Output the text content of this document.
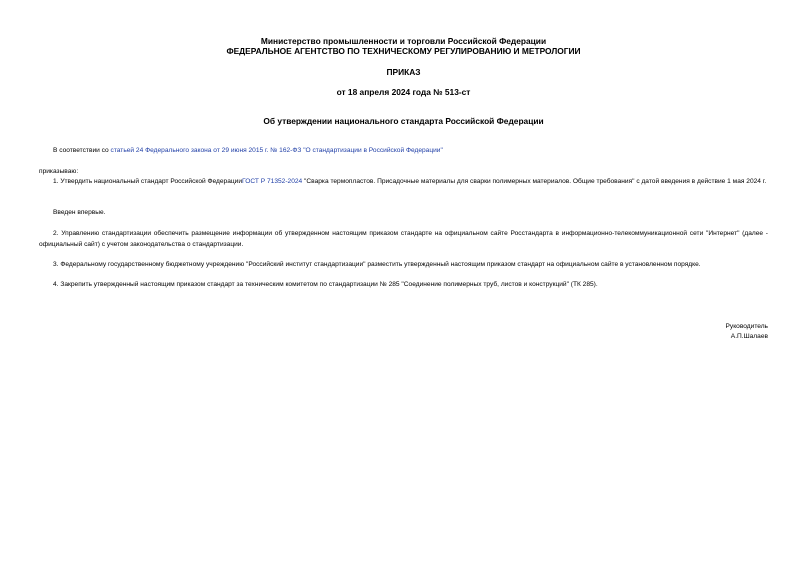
Министерство промышленности и торговли Российской Федерации
ФЕДЕРАЛЬНОЕ АГЕНТСТВО ПО ТЕХНИЧЕСКОМУ РЕГУЛИРОВАНИЮ И МЕТРОЛОГИИ
ПРИКАЗ
от 18 апреля 2024 года № 513-ст
Об утверждении национального стандарта Российской Федерации
В соответствии со статьей 24 Федерального закона от 29 июня 2015 г. № 162-ФЗ "О стандартизации в Российской Федерации"
приказываю:
1. Утвердить национальный стандарт Российской ФедерацииГОСТ Р 71352-2024 "Сварка термопластов. Присадочные материалы для сварки полимерных материалов. Общие требования" с датой введения в действие 1 мая 2024 г.
Введен впервые.
2. Управлению стандартизации обеспечить размещение информации об утвержденном настоящим приказом стандарте на официальном сайте Росстандарта в информационно-телекоммуникационной сети "Интернет" (далее - официальный сайт) с учетом законодательства о стандартизации.
3. Федеральному государственному бюджетному учреждению "Российский институт стандартизации" разместить утвержденный настоящим приказом стандарт на официальном сайте в установленном порядке.
4. Закрепить утвержденный настоящим приказом стандарт за техническим комитетом по стандартизации № 285 "Соединение полимерных труб, листов и конструкций" (ТК 285).
Руководитель
А.П.Шалаев
